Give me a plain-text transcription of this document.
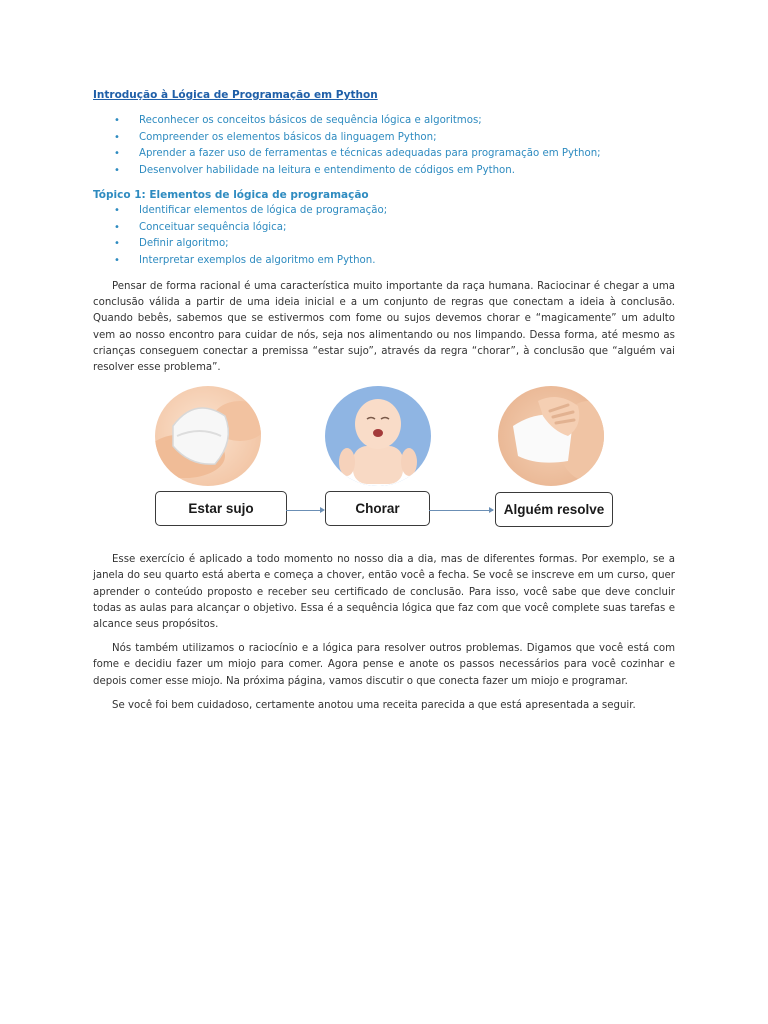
Introdução à Lógica de Programação em Python
• Reconhecer os conceitos básicos de sequência lógica e algoritmos;
• Compreender os elementos básicos da linguagem Python;
• Aprender a fazer uso de ferramentas e técnicas adequadas para programação em Python;
• Desenvolver habilidade na leitura e entendimento de códigos em Python.
Tópico 1: Elementos de lógica de programação
• Identificar elementos de lógica de programação;
• Conceituar sequência lógica;
• Definir algoritmo;
• Interpretar exemplos de algoritmo em Python.

Pensar de forma racional é uma característica muito importante da raça humana. Raciocinar é chegar a uma conclusão válida a partir de uma ideia inicial e a um conjunto de regras que conectam a ideia à conclusão. Quando bebês, sabemos que se estivermos com fome ou sujos devemos chorar e “magicamente” um adulto vem ao nosso encontro para cuidar de nós, seja nos alimentando ou nos limpando. Dessa forma, até mesmo as crianças conseguem conectar a premissa “estar sujo”, através da regra “chorar”, à conclusão que “alguém vai resolver esse problema”.

Estar sujo	Chorar	Alguém resolve

Esse exercício é aplicado a todo momento no nosso dia a dia, mas de diferentes formas. Por exemplo, se a janela do seu quarto está aberta e começa a chover, então você a fecha. Se você se inscreve em um curso, quer aprender o conteúdo proposto e receber seu certificado de conclusão. Para isso, você sabe que deve concluir todas as aulas para alcançar o objetivo. Essa é a sequência lógica que faz com que você complete suas tarefas e alcance seus propósitos.

Nós também utilizamos o raciocínio e a lógica para resolver outros problemas. Digamos que você está com fome e decidiu fazer um miojo para comer. Agora pense e anote os passos necessários para você cozinhar e depois comer esse miojo. Na próxima página, vamos discutir o que conecta fazer um miojo e programar.

Se você foi bem cuidadoso, certamente anotou uma receita parecida a que está apresentada a seguir.
